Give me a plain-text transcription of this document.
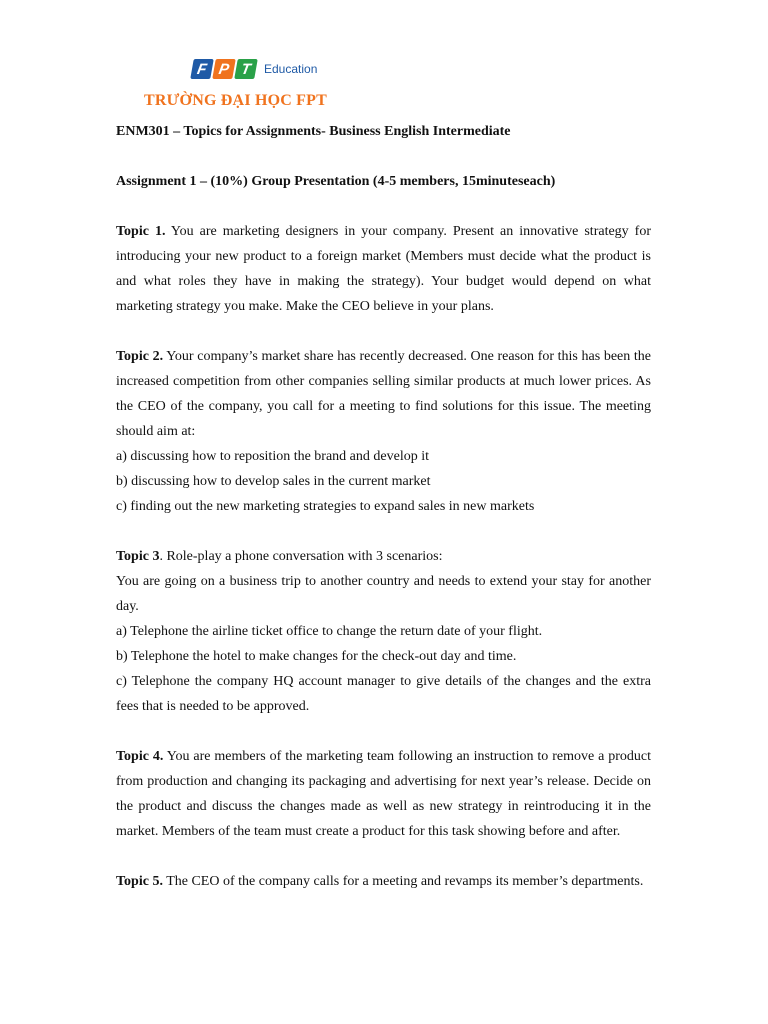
F P T Education
TRƯỜNG ĐẠI HỌC FPT

ENM301 – Topics for Assignments- Business English Intermediate

Assignment 1 – (10%) Group Presentation (4-5 members, 15minuteseach)

Topic 1. You are marketing designers in your company. Present an innovative strategy for introducing your new product to a foreign market (Members must decide what the product is and what roles they have in making the strategy). Your budget would depend on what marketing strategy you make. Make the CEO believe in your plans.

Topic 2. Your company’s market share has recently decreased. One reason for this has been the increased competition from other companies selling similar products at much lower prices. As the CEO of the company, you call for a meeting to find solutions for this issue. The meeting should aim at:

a) discussing how to reposition the brand and develop it

b) discussing how to develop sales in the current market

c) finding out the new marketing strategies to expand sales in new markets

Topic 3. Role-play a phone conversation with 3 scenarios:

You are going on a business trip to another country and needs to extend your stay for another day.

a) Telephone the airline ticket office to change the return date of your flight.

b) Telephone the hotel to make changes for the check-out day and time.

c) Telephone the company HQ account manager to give details of the changes and the extra fees that is needed to be approved.

Topic 4. You are members of the marketing team following an instruction to remove a product from production and changing its packaging and advertising for next year’s release. Decide on the product and discuss the changes made as well as new strategy in reintroducing it in the market. Members of the team must create a product for this task showing before and after.

Topic 5. The CEO of the company calls for a meeting and revamps its member’s departments.
